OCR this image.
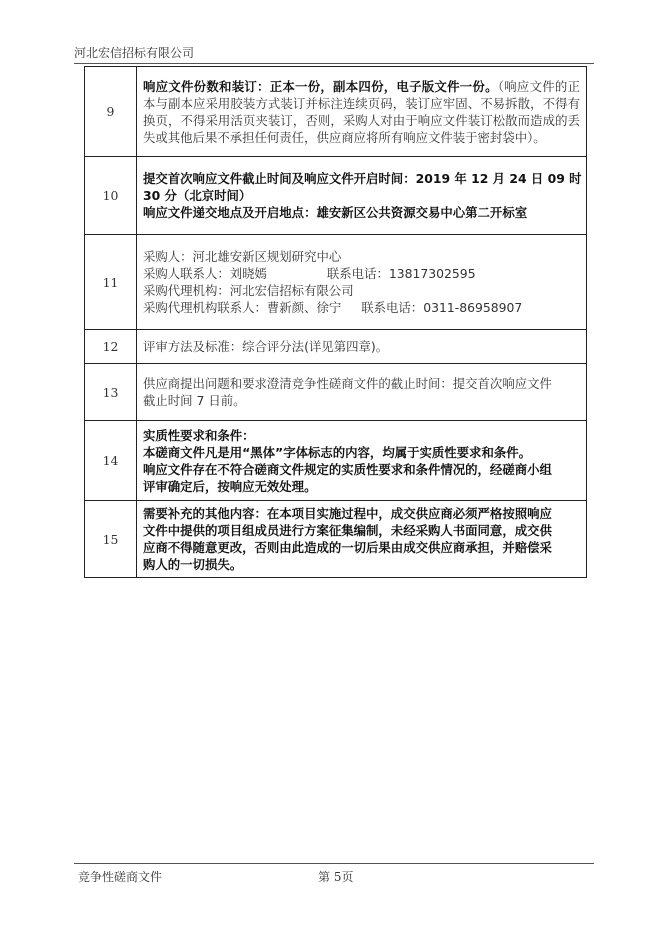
河北宏信招标有限公司
9	响应文件份数和装订：正本一份，副本四份，电子版文件一份。（响应文件的正本与副本应采用胶装方式装订并标注连续页码，装订应牢固、不易拆散，不得有换页，不得采用活页夹装订，否则，采购人对由于响应文件装订松散而造成的丢失或其他后果不承担任何责任，供应商应将所有响应文件装于密封袋中）。
10	提交首次响应文件截止时间及响应文件开启时间：2019 年 12 月 24 日 09 时
30 分（北京时间）
响应文件递交地点及开启地点：雄安新区公共资源交易中心第二开标室

11	采购人：河北雄安新区规划研究中心
采购人联系人：刘晓嫣 联系电话：13817302595
采购代理机构：河北宏信招标有限公司
采购代理机构联系人：曹新颜、徐宁 联系电话：0311-86958907

12	评审方法及标准：综合评分法(详见第四章)。

13	供应商提出问题和要求澄清竞争性磋商文件的截止时间：提交首次响应文件
截止时间 7 日前。

14	实质性要求和条件：
本磋商文件凡是用“黑体”字体标志的内容，均属于实质性要求和条件。
响应文件存在不符合磋商文件规定的实质性要求和条件情况的，经磋商小组
评审确定后，按响应无效处理。

15	需要补充的其他内容：在本项目实施过程中，成交供应商必须严格按照响应
文件中提供的项目组成员进行方案征集编制，未经采购人书面同意，成交供
应商不得随意更改，否则由此造成的一切后果由成交供应商承担，并赔偿采
购人的一切损失。
竞争性磋商文件	第 5页
